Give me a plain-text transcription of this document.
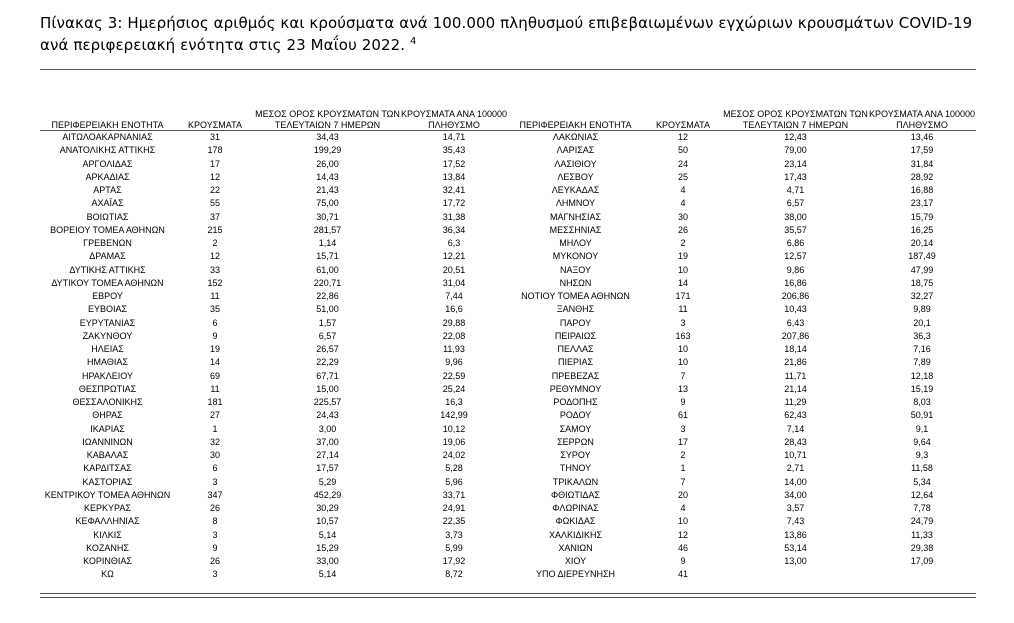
Πίνακας 3: Ημερήσιος αριθμός και κρούσματα ανά 100.000 πληθυσμού επιβεβαιωμένων εγχώριων κρουσμάτων COVID-19 ανά περιφερειακή ενότητα στις 23 Μαΐου 2022. $^4$
ΠΕΡΙΦΕΡΕΙΑΚΗ ΕΝΟΤΗΤΑ	ΚΡΟΥΣΜΑΤΑ	ΜΕΣΟΣ ΟΡΟΣ ΚΡΟΥΣΜΑΤΩΝ ΤΩΝ ΤΕΛΕΥΤΑΙΩΝ 7 ΗΜΕΡΩΝ	ΚΡΟΥΣΜΑΤΑ ΑΝΑ 100000 ΠΛΗΘΥΣΜΟ	ΠΕΡΙΦΕΡΕΙΑΚΗ ΕΝΟΤΗΤΑ	ΚΡΟΥΣΜΑΤΑ	ΜΕΣΟΣ ΟΡΟΣ ΚΡΟΥΣΜΑΤΩΝ ΤΩΝ ΤΕΛΕΥΤΑΙΩΝ 7 ΗΜΕΡΩΝ	ΚΡΟΥΣΜΑΤΑ ΑΝΑ 100000 ΠΛΗΘΥΣΜΟ
ΑΙΤΩΛΟΑΚΑΡΝΑΝΙΑΣ	31	34,43	14,71	ΛΑΚΩΝΙΑΣ	12	12,43	13,46
ΑΝΑΤΟΛΙΚΗΣ ΑΤΤΙΚΗΣ	178	199,29	35,43	ΛΑΡΙΣΑΣ	50	79,00	17,59
ΑΡΓΟΛΙΔΑΣ	17	26,00	17,52	ΛΑΣΙΘΙΟΥ	24	23,14	31,84
ΑΡΚΑΔΙΑΣ	12	14,43	13,84	ΛΕΣΒΟΥ	25	17,43	28,92
ΑΡΤΑΣ	22	21,43	32,41	ΛΕΥΚΑΔΑΣ	4	4,71	16,88
ΑΧΑΪΑΣ	55	75,00	17,72	ΛΗΜΝΟΥ	4	6,57	23,17
ΒΟΙΩΤΙΑΣ	37	30,71	31,38	ΜΑΓΝΗΣΙΑΣ	30	38,00	15,79
ΒΟΡΕΙΟΥ ΤΟΜΕΑ ΑΘΗΝΩΝ	215	281,57	36,34	ΜΕΣΣΗΝΙΑΣ	26	35,57	16,25
ΓΡΕΒΕΝΩΝ	2	1,14	6,3	ΜΗΛΟΥ	2	6,86	20,14
ΔΡΑΜΑΣ	12	15,71	12,21	ΜΥΚΟΝΟΥ	19	12,57	187,49
ΔΥΤΙΚΗΣ ΑΤΤΙΚΗΣ	33	61,00	20,51	ΝΑΞΟΥ	10	9,86	47,99
ΔΥΤΙΚΟΥ ΤΟΜΕΑ ΑΘΗΝΩΝ	152	220,71	31,04	ΝΗΣΩΝ	14	16,86	18,75
ΕΒΡΟΥ	11	22,86	7,44	ΝΟΤΙΟΥ ΤΟΜΕΑ ΑΘΗΝΩΝ	171	206,86	32,27
ΕΥΒΟΙΑΣ	35	51,00	16,6	ΞΑΝΘΗΣ	11	10,43	9,89
ΕΥΡΥΤΑΝΙΑΣ	6	1,57	29,88	ΠΑΡΟΥ	3	6,43	20,1
ΖΑΚΥΝΘΟΥ	9	6,57	22,08	ΠΕΙΡΑΙΩΣ	163	207,86	36,3
ΗΛΕΙΑΣ	19	26,57	11,93	ΠΕΛΛΑΣ	10	18,14	7,16
ΗΜΑΘΙΑΣ	14	22,29	9,96	ΠΙΕΡΙΑΣ	10	21,86	7,89
ΗΡΑΚΛΕΙΟΥ	69	67,71	22,59	ΠΡΕΒΕΖΑΣ	7	11,71	12,18
ΘΕΣΠΡΩΤΙΑΣ	11	15,00	25,24	ΡΕΘΥΜΝΟΥ	13	21,14	15,19
ΘΕΣΣΑΛΟΝΙΚΗΣ	181	225,57	16,3	ΡΟΔΟΠΗΣ	9	11,29	8,03
ΘΗΡΑΣ	27	24,43	142,99	ΡΟΔΟΥ	61	62,43	50,91
ΙΚΑΡΙΑΣ	1	3,00	10,12	ΣΑΜΟΥ	3	7,14	9,1
ΙΩΑΝΝΙΝΩΝ	32	37,00	19,06	ΣΕΡΡΩΝ	17	28,43	9,64
ΚΑΒΑΛΑΣ	30	27,14	24,02	ΣΥΡΟΥ	2	10,71	9,3
ΚΑΡΔΙΤΣΑΣ	6	17,57	5,28	ΤΗΝΟΥ	1	2,71	11,58
ΚΑΣΤΟΡΙΑΣ	3	5,29	5,96	ΤΡΙΚΑΛΩΝ	7	14,00	5,34
ΚΕΝΤΡΙΚΟΥ ΤΟΜΕΑ ΑΘΗΝΩΝ	347	452,29	33,71	ΦΘΙΩΤΙΔΑΣ	20	34,00	12,64
ΚΕΡΚΥΡΑΣ	26	30,29	24,91	ΦΛΩΡΙΝΑΣ	4	3,57	7,78
ΚΕΦΑΛΛΗΝΙΑΣ	8	10,57	22,35	ΦΩΚΙΔΑΣ	10	7,43	24,79
ΚΙΛΚΙΣ	3	5,14	3,73	ΧΑΛΚΙΔΙΚΗΣ	12	13,86	11,33
ΚΟΖΑΝΗΣ	9	15,29	5,99	ΧΑΝΙΩΝ	46	53,14	29,38
ΚΟΡΙΝΘΙΑΣ	26	33,00	17,92	ΧΙΟΥ	9	13,00	17,09
ΚΩ	3	5,14	8,72	ΥΠΟ ΔΙΕΡΕΥΝΗΣΗ	41		
